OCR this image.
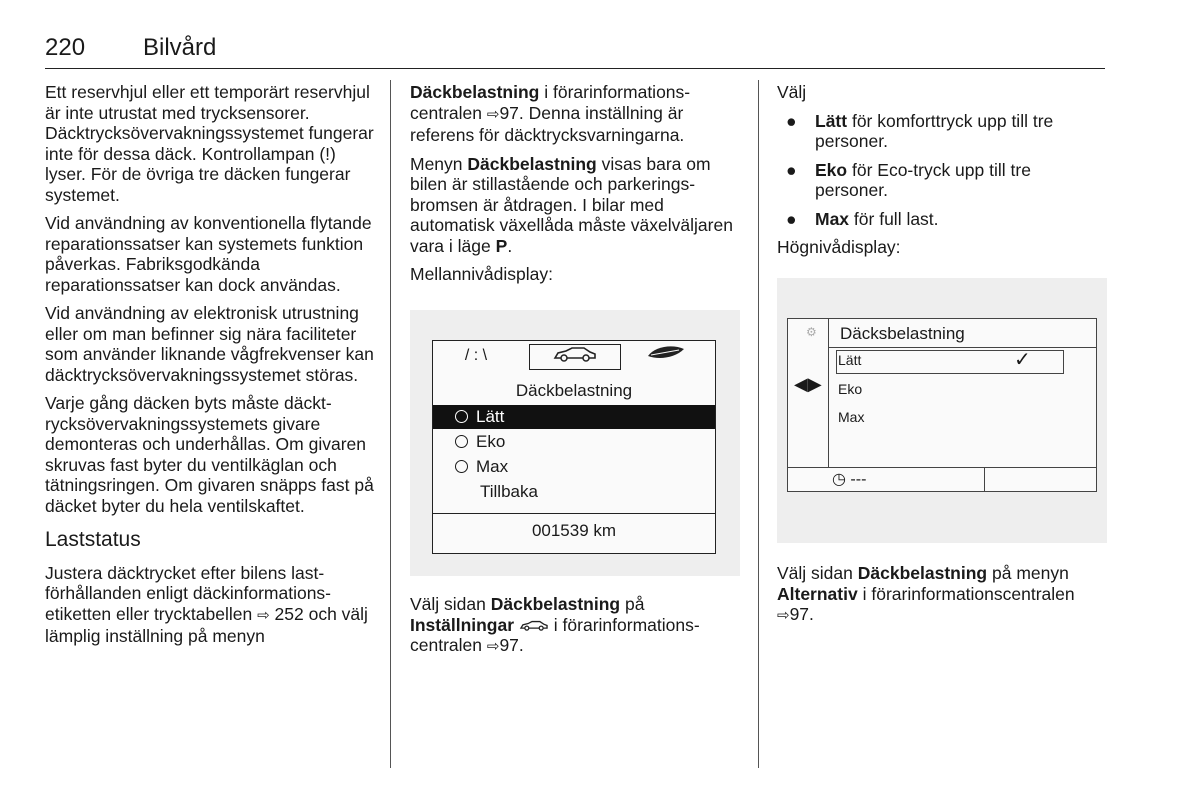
220 Bilvård

Ett reservhjul eller ett temporärt reservhjul är inte utrustat med trycksensorer. Däcktrycksövervakningssystemet fungerar inte för dessa däck. Kontrollampan (!) lyser. För de övriga tre däcken fungerar systemet.

Vid användning av konventionella flytande reparationssatser kan systemets funktion påverkas. Fabriksgodkända reparationssatser kan dock användas.

Vid användning av elektronisk utrustning eller om man befinner sig nära faciliteter som använder liknande vågfrekvenser kan däcktrycksövervakningssystemet störas.

Varje gång däcken byts måste däcktrycksövervakningssystemets givare demonteras och underhållas. Om givaren skruvas fast byter du ventilkäglan och tätningsringen. Om givaren snäpps fast på däcket byter du hela ventilskaftet.

Laststatus

Justera däcktrycket efter bilens lastförhållanden enligt däckinformationsetiketten eller trycktabellen ⇨ 252 och välj lämplig inställning på menyn

Däckbelastning i förarinformationscentralen ⇨97. Denna inställning är referens för däcktrycksvarningarna.

Menyn Däckbelastning visas bara om bilen är stillastående och parkeringsbromsen är åtdragen. I bilar med automatisk växellåda måste växelväljaren vara i läge P.

Mellannivådisplay:

/ : \
Däckbelastning
Lätt
Eko
Max
Tillbaka
001539 km

Välj sidan Däckbelastning på Inställningar i förarinformationscentralen ⇨97.

Välj

● Lätt för komforttryck upp till tre personer.
● Eko för Eco-tryck upp till tre personer.
● Max för full last.

Högnivådisplay:

⚙ Däcksbelastning
Lätt	✓
Eko
Max
◀▶
◷ ---

Välj sidan Däckbelastning på menyn Alternativ i förarinformationscentralen ⇨97.
